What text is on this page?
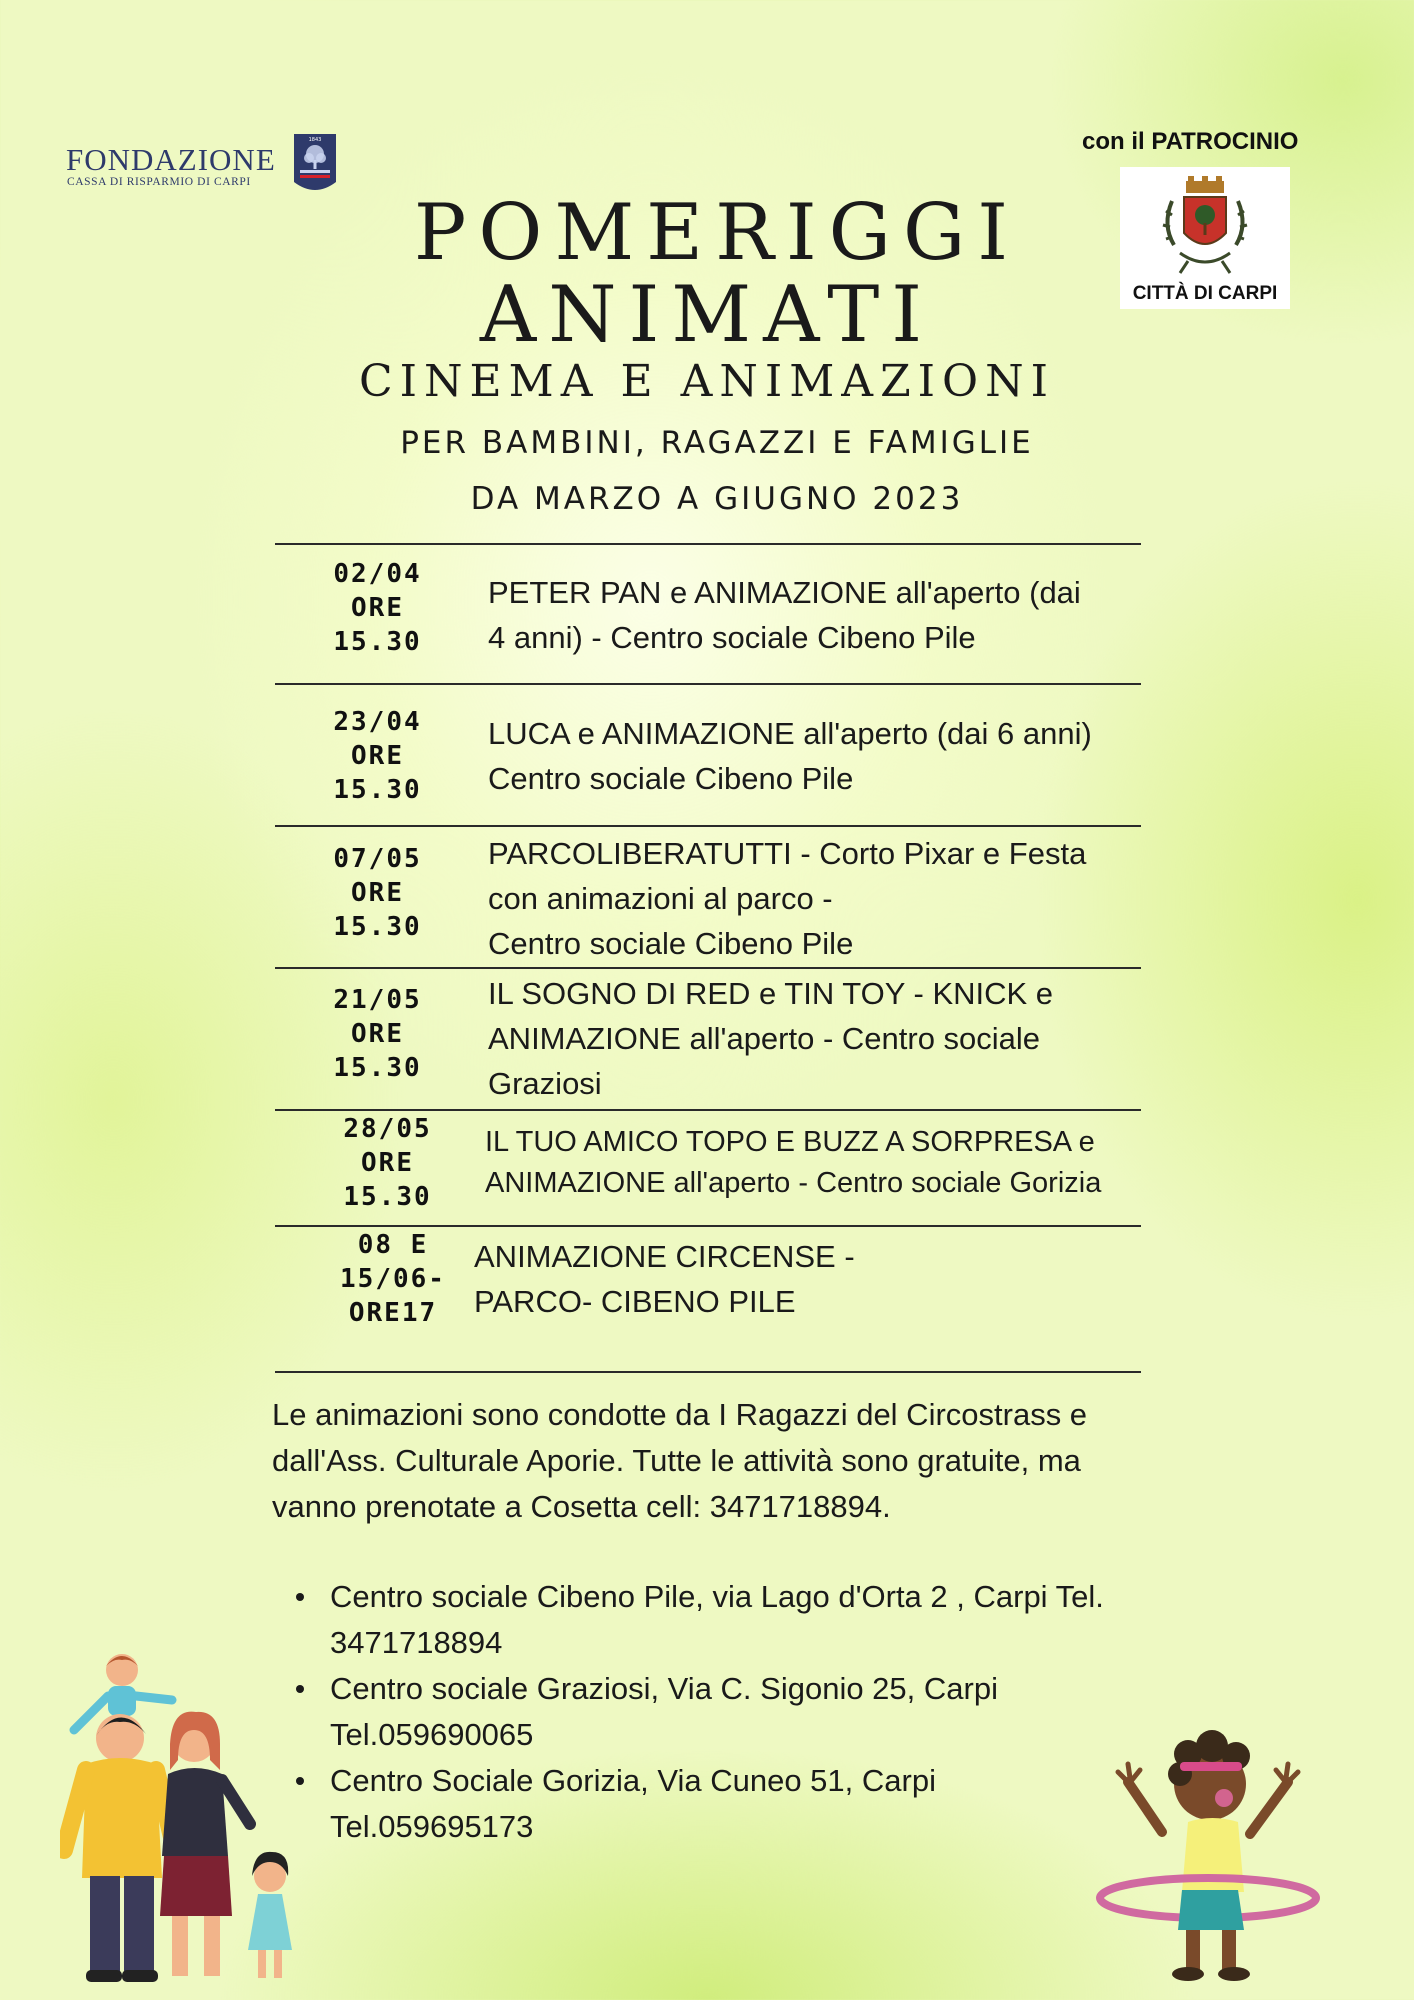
FONDAZIONE
CASSA DI RISPARMIO DI CARPI
1843	con il PATROCINIO
CITTÀ DI CARPI
POMERIGGI
ANIMATI
CINEMA E ANIMAZIONI
PER BAMBINI, RAGAZZI E FAMIGLIE
DA MARZO A GIUGNO 2023
02/04
ORE
15.30
PETER PAN e ANIMAZIONE all'aperto (dai
4 anni) - Centro sociale Cibeno Pile
23/04
ORE
15.30
LUCA e ANIMAZIONE all'aperto (dai 6 anni)
Centro sociale Cibeno Pile
07/05
ORE
15.30
PARCOLIBERATUTTI - Corto Pixar e Festa
con animazioni al parco -
Centro sociale Cibeno Pile
21/05
ORE
15.30
IL SOGNO DI RED e TIN TOY - KNICK e
ANIMAZIONE all'aperto - Centro sociale
Graziosi
28/05
ORE
15.30
IL TUO AMICO TOPO E BUZZ A SORPRESA e
ANIMAZIONE all'aperto - Centro sociale Gorizia
08 E
15/06-
ORE17
ANIMAZIONE CIRCENSE -
PARCO- CIBENO PILE
Le animazioni sono condotte da I Ragazzi del Circostrass e
dall'Ass. Culturale Aporie. Tutte le attività sono gratuite, ma
vanno prenotate a Cosetta cell: 3471718894.
Centro sociale Cibeno Pile, via Lago d'Orta 2 , Carpi Tel.
3471718894
Centro sociale Graziosi, Via C. Sigonio 25, Carpi
Tel.059690065
Centro Sociale Gorizia, Via Cuneo 51, Carpi
Tel.059695173
